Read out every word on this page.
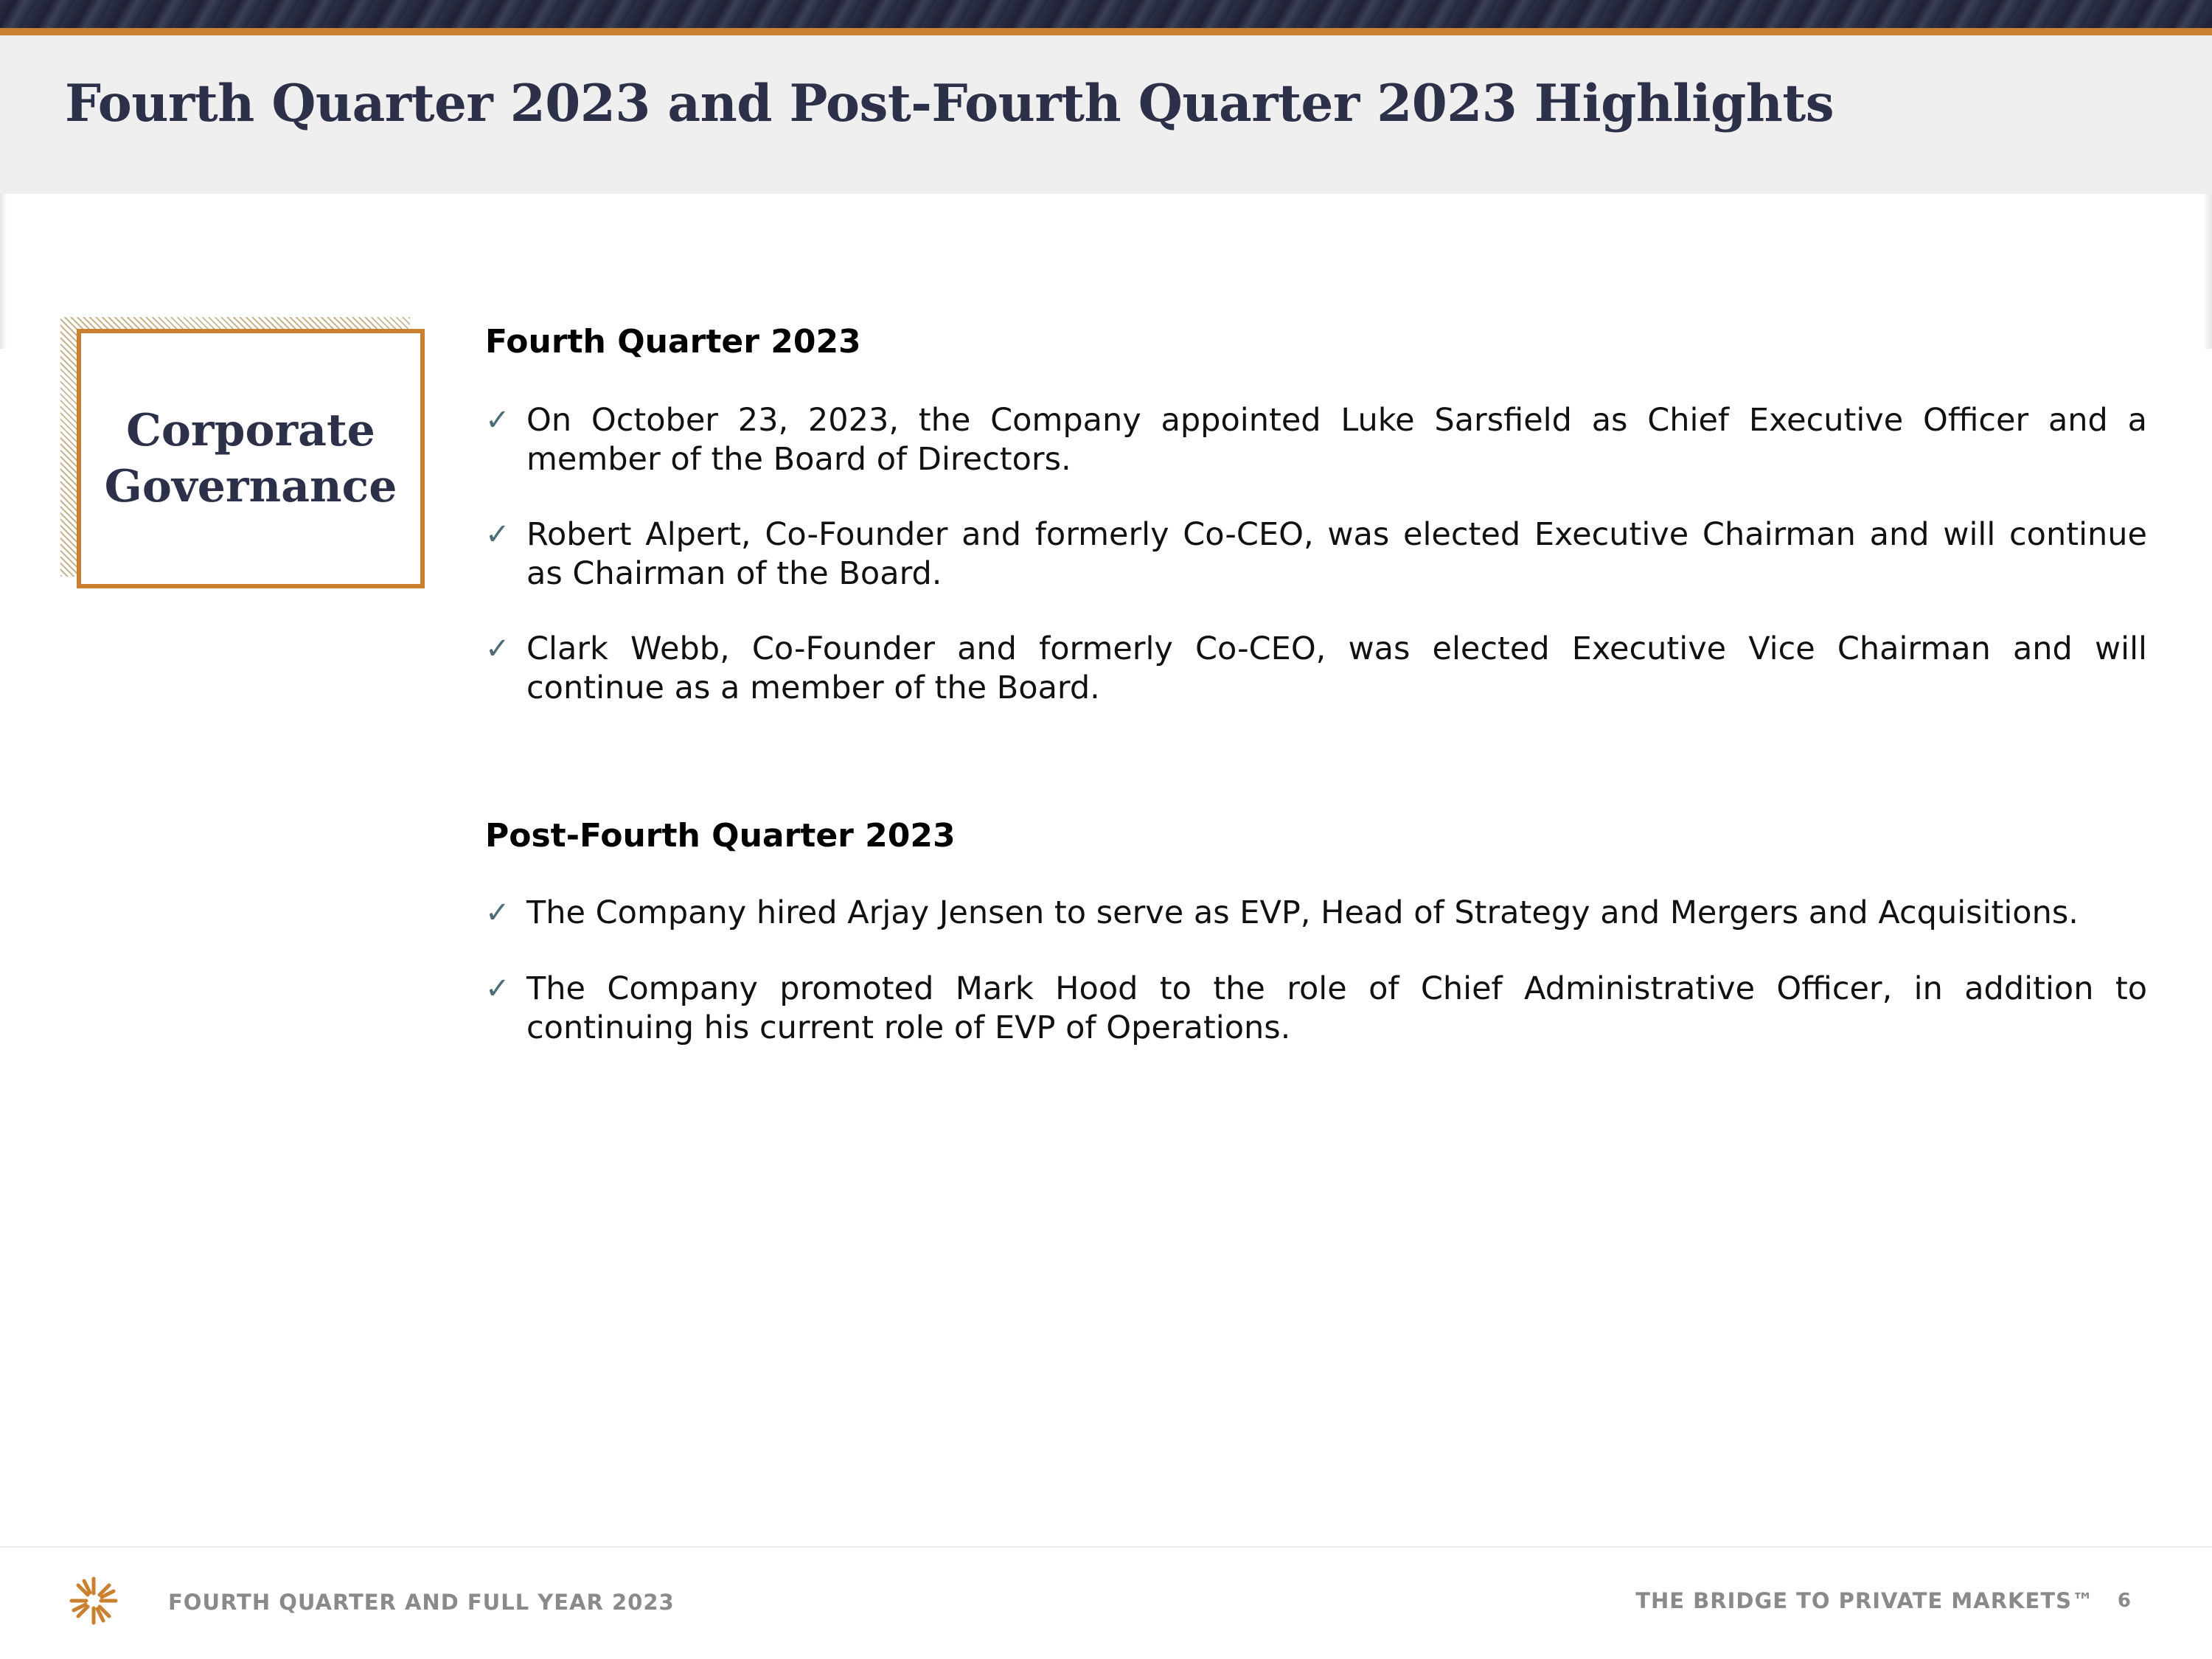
Fourth Quarter 2023 and Post-Fourth Quarter 2023 Highlights
Corporate
Governance
Fourth Quarter 2023

✓ On October 23, 2023, the Company appointed Luke Sarsfield as Chief Executive Officer and a member of the Board of Directors.

✓ Robert Alpert, Co-Founder and formerly Co-CEO, was elected Executive Chairman and will continue as Chairman of the Board.

✓ Clark Webb, Co-Founder and formerly Co-CEO, was elected Executive Vice Chairman and will continue as a member of the Board.

Post-Fourth Quarter 2023

✓ The Company hired Arjay Jensen to serve as EVP, Head of Strategy and Mergers and Acquisitions.

✓ The Company promoted Mark Hood to the role of Chief Administrative Officer, in addition to continuing his current role of EVP of Operations.

FOURTH QUARTER AND FULL YEAR 2023	THE BRIDGE TO PRIVATE MARKETS™ 6
